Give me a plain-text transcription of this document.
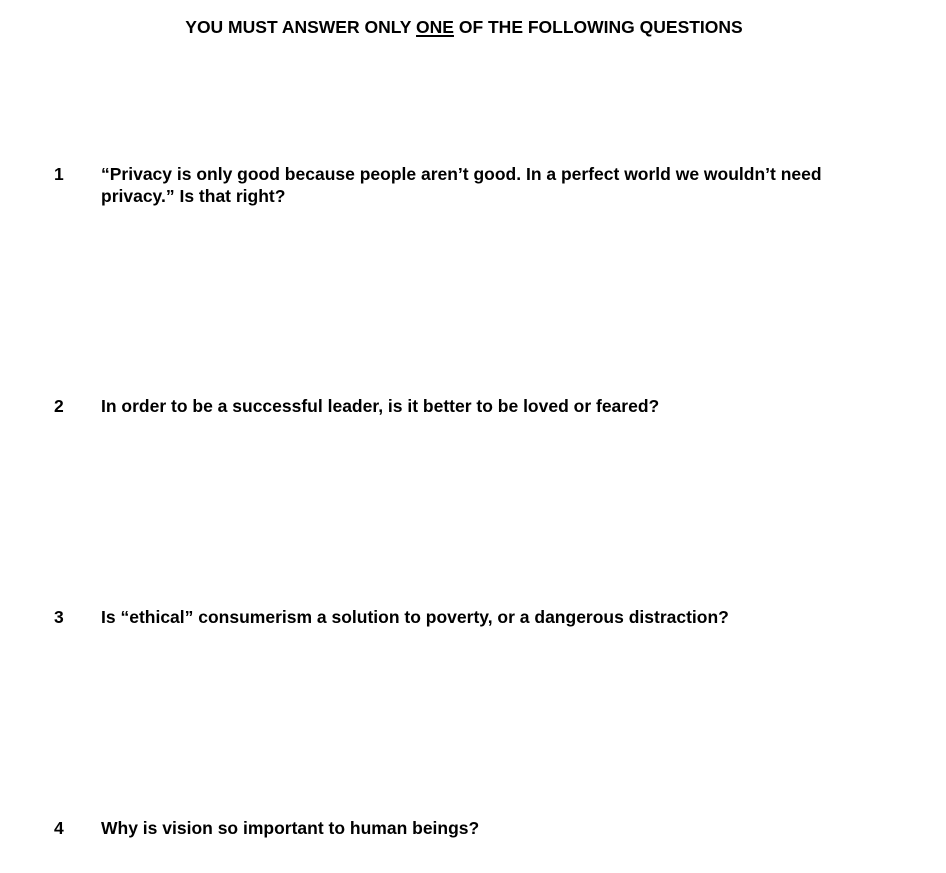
YOU MUST ANSWER ONLY ONE OF THE FOLLOWING QUESTIONS
1 “Privacy is only good because people aren’t good. In a perfect world we wouldn’t need privacy.” Is that right?
2 In order to be a successful leader, is it better to be loved or feared?
3 Is “ethical” consumerism a solution to poverty, or a dangerous distraction?
4 Why is vision so important to human beings?
